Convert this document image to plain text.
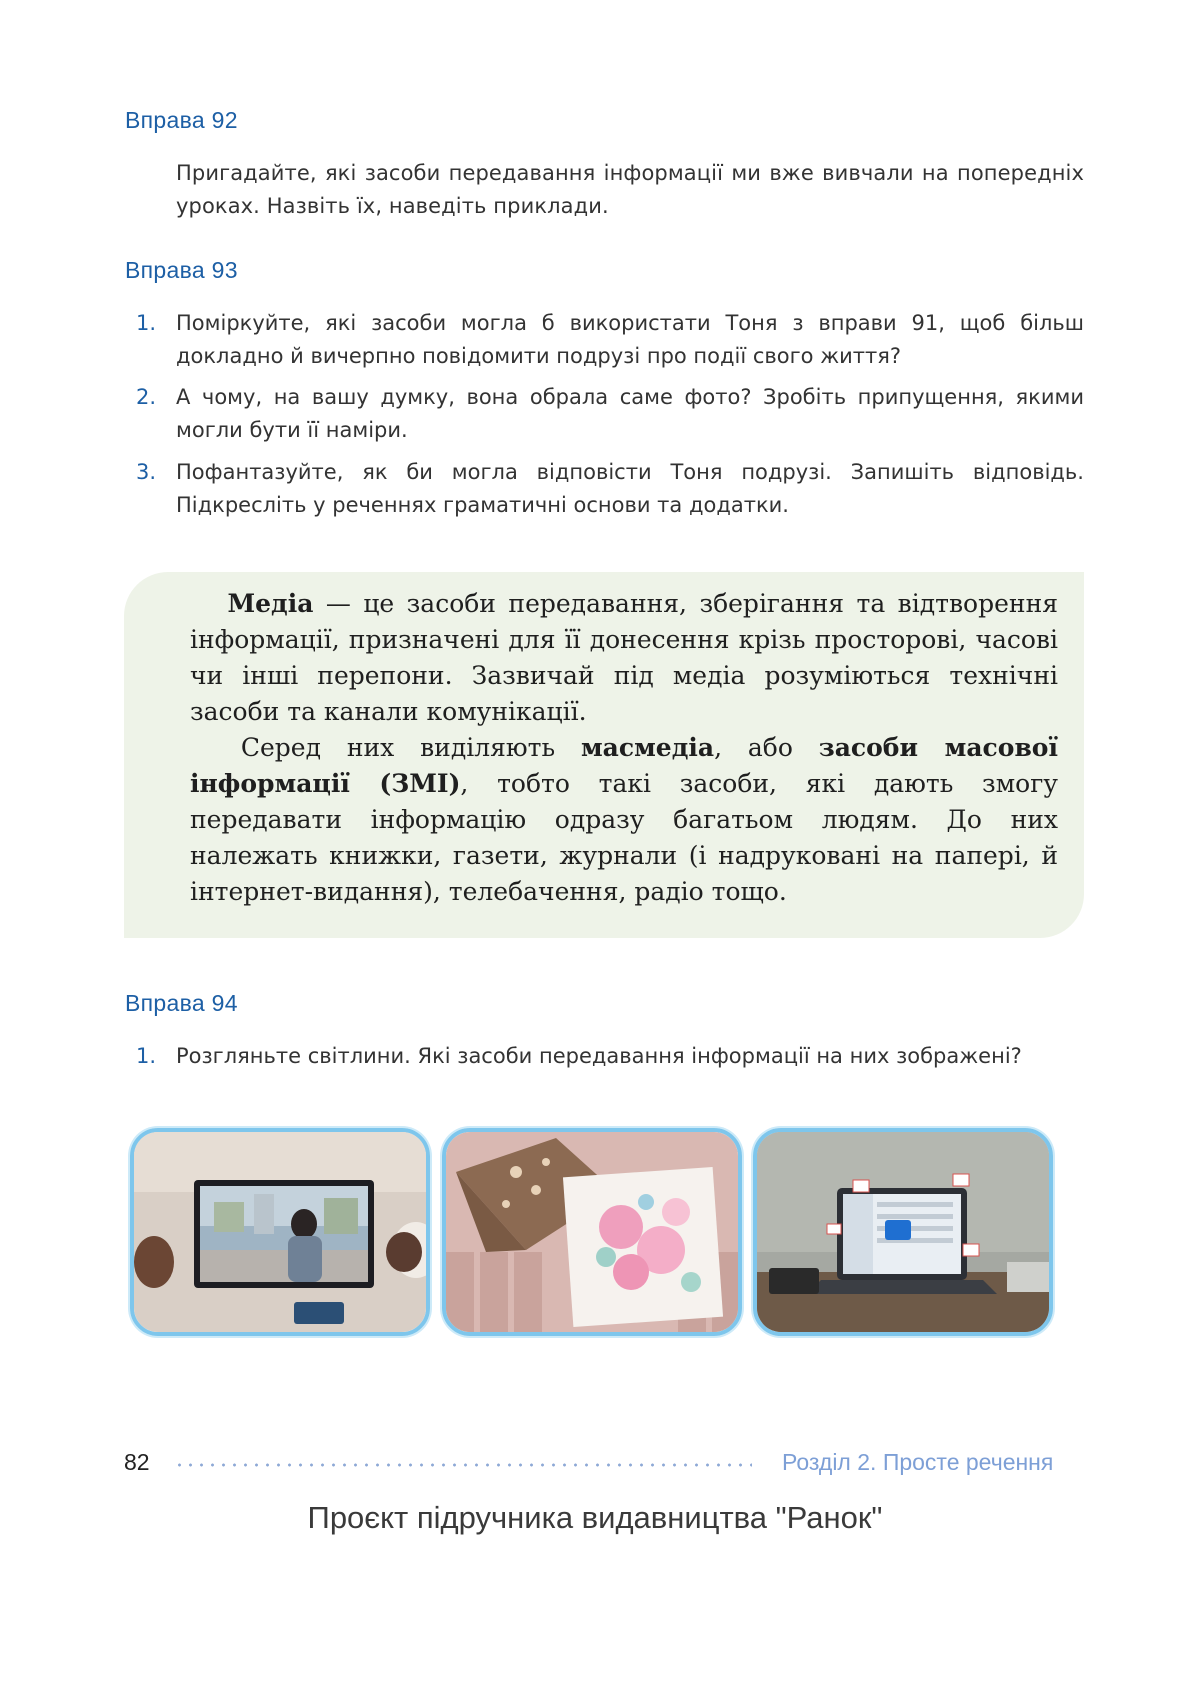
Вправа 92
Пригадайте, які засоби передавання інформації ми вже вивчали на попередніх уроках. Назвіть їх, наведіть приклади.
Вправа 93
1. Поміркуйте, які засоби могла б використати Тоня з вправи 91, щоб більш докладно й вичерпно повідомити подрузі про події свого життя?
2. А чому, на вашу думку, вона обрала саме фото? Зробіть припущення, якими могли бути її наміри.
3. Пофантазуйте, як би могла відповісти Тоня подрузі. Запишіть відповідь. Підкресліть у реченнях граматичні основи та додатки.

  Медіа — це засоби передавання, зберігання та відтворення інформації, призначені для її донесення крізь просторові, часові чи інші перепони. Зазвичай під медіа розуміються технічні засоби та канали комунікації.

  Серед них виділяють масмедіа, або засоби масової інформації (ЗМІ), тобто такі засоби, які дають змогу передавати інформацію одразу багатьом людям. До них належать книжки, газети, журнали (і надруковані на папері, й інтернет-видання), телебачення, радіо тощо.

Вправа 94
1. Розгляньте світлини. Які засоби передавання інформації на них зображені?
82	Розділ 2. Просте речення
Проєкт підручника видавництва "Ранок"
